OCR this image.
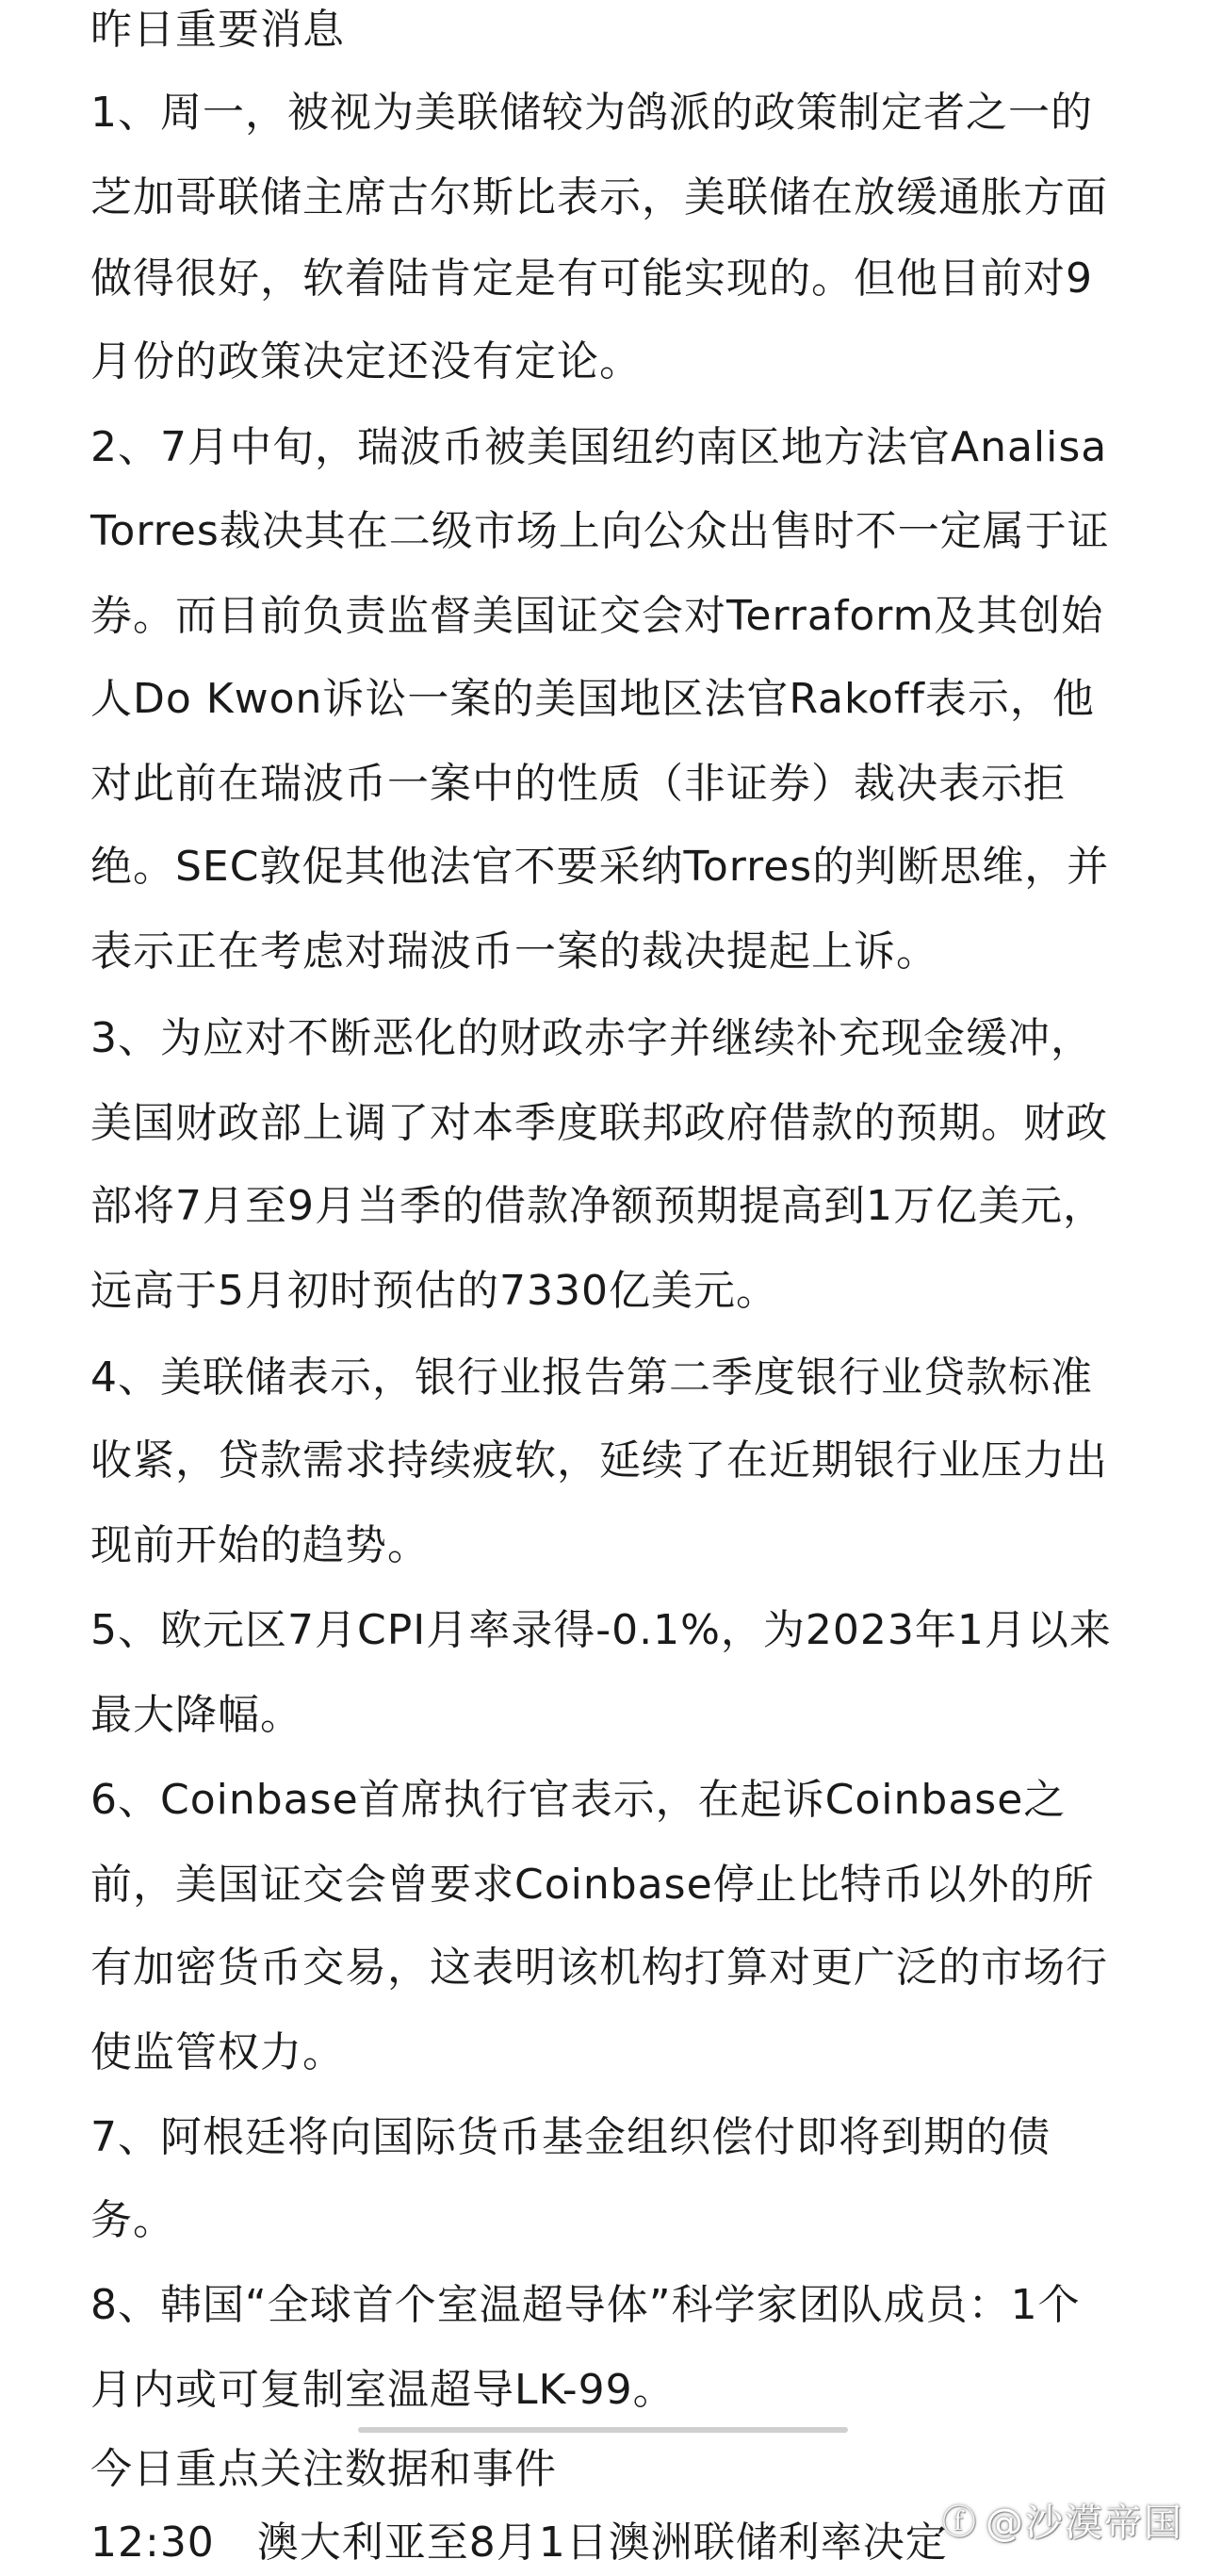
昨日重要消息
1、周一，被视为美联储较为鸽派的政策制定者之一的
芝加哥联储主席古尔斯比表示，美联储在放缓通胀方面
做得很好，软着陆肯定是有可能实现的。但他目前对9
月份的政策决定还没有定论。
2、7月中旬，瑞波币被美国纽约南区地方法官Analisa
Torres裁决其在二级市场上向公众出售时不一定属于证
券。而目前负责监督美国证交会对Terraform及其创始
人Do Kwon诉讼一案的美国地区法官Rakoff表示，他
对此前在瑞波币一案中的性质（非证券）裁决表示拒
绝。SEC敦促其他法官不要采纳Torres的判断思维，并
表示正在考虑对瑞波币一案的裁决提起上诉。
3、为应对不断恶化的财政赤字并继续补充现金缓冲，
美国财政部上调了对本季度联邦政府借款的预期。财政
部将7月至9月当季的借款净额预期提高到1万亿美元，
远高于5月初时预估的7330亿美元。
4、美联储表示，银行业报告第二季度银行业贷款标准
收紧，贷款需求持续疲软，延续了在近期银行业压力出
现前开始的趋势。
5、欧元区7月CPI月率录得-0.1%，为2023年1月以来
最大降幅。
6、Coinbase首席执行官表示，在起诉Coinbase之
前，美国证交会曾要求Coinbase停止比特币以外的所
有加密货币交易，这表明该机构打算对更广泛的市场行
使监管权力。
7、阿根廷将向国际货币基金组织偿付即将到期的债
务。
8、韩国“全球首个室温超导体”科学家团队成员：1个
月内或可复制室温超导LK-99。
今日重点关注数据和事件
12:30   澳大利亚至8月1日澳洲联储利率决定
ⓕ @沙漠帝国
